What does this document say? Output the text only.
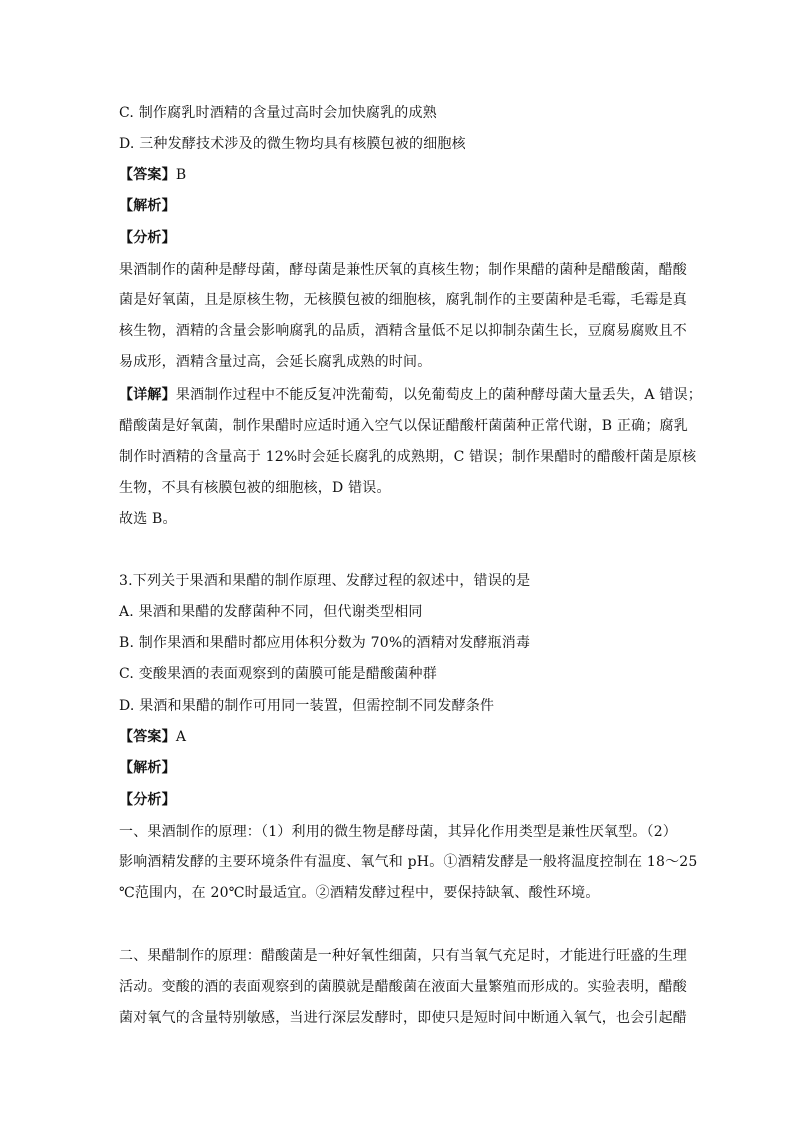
C. 制作腐乳时酒精的含量过高时会加快腐乳的成熟
D. 三种发酵技术涉及的微生物均具有核膜包被的细胞核
【答案】B
【解析】
【分析】
果酒制作的菌种是酵母菌，酵母菌是兼性厌氧的真核生物；制作果醋的菌种是醋酸菌，醋酸
菌是好氧菌，且是原核生物，无核膜包被的细胞核，腐乳制作的主要菌种是毛霉，毛霉是真
核生物，酒精的含量会影响腐乳的品质，酒精含量低不足以抑制杂菌生长，豆腐易腐败且不
易成形，酒精含量过高，会延长腐乳成熟的时间。
【详解】果酒制作过程中不能反复冲洗葡萄，以免葡萄皮上的菌种酵母菌大量丢失，A 错误；
醋酸菌是好氧菌，制作果醋时应适时通入空气以保证醋酸杆菌菌种正常代谢，B 正确；腐乳
制作时酒精的含量高于 12%时会延长腐乳的成熟期，C 错误；制作果醋时的醋酸杆菌是原核
生物，不具有核膜包被的细胞核，D 错误。
故选 B。
3.下列关于果酒和果醋的制作原理、发酵过程的叙述中，错误的是
A. 果酒和果醋的发酵菌种不同，但代谢类型相同
B. 制作果酒和果醋时都应用体积分数为 70%的酒精对发酵瓶消毒
C. 变酸果酒的表面观察到的菌膜可能是醋酸菌种群
D. 果酒和果醋的制作可用同一装置，但需控制不同发酵条件
【答案】A
【解析】
【分析】
一、果酒制作的原理：（1）利用的微生物是酵母菌，其异化作用类型是兼性厌氧型。（2）
影响酒精发酵的主要环境条件有温度、氧气和 pH。①酒精发酵是一般将温度控制在 18～25
℃范围内，在 20℃时最适宜。②酒精发酵过程中，要保持缺氧、酸性环境。
二、果醋制作的原理：醋酸菌是一种好氧性细菌，只有当氧气充足时，才能进行旺盛的生理
活动。变酸的酒的表面观察到的菌膜就是醋酸菌在液面大量繁殖而形成的。实验表明，醋酸
菌对氧气的含量特别敏感，当进行深层发酵时，即使只是短时间中断通入氧气，也会引起醋
